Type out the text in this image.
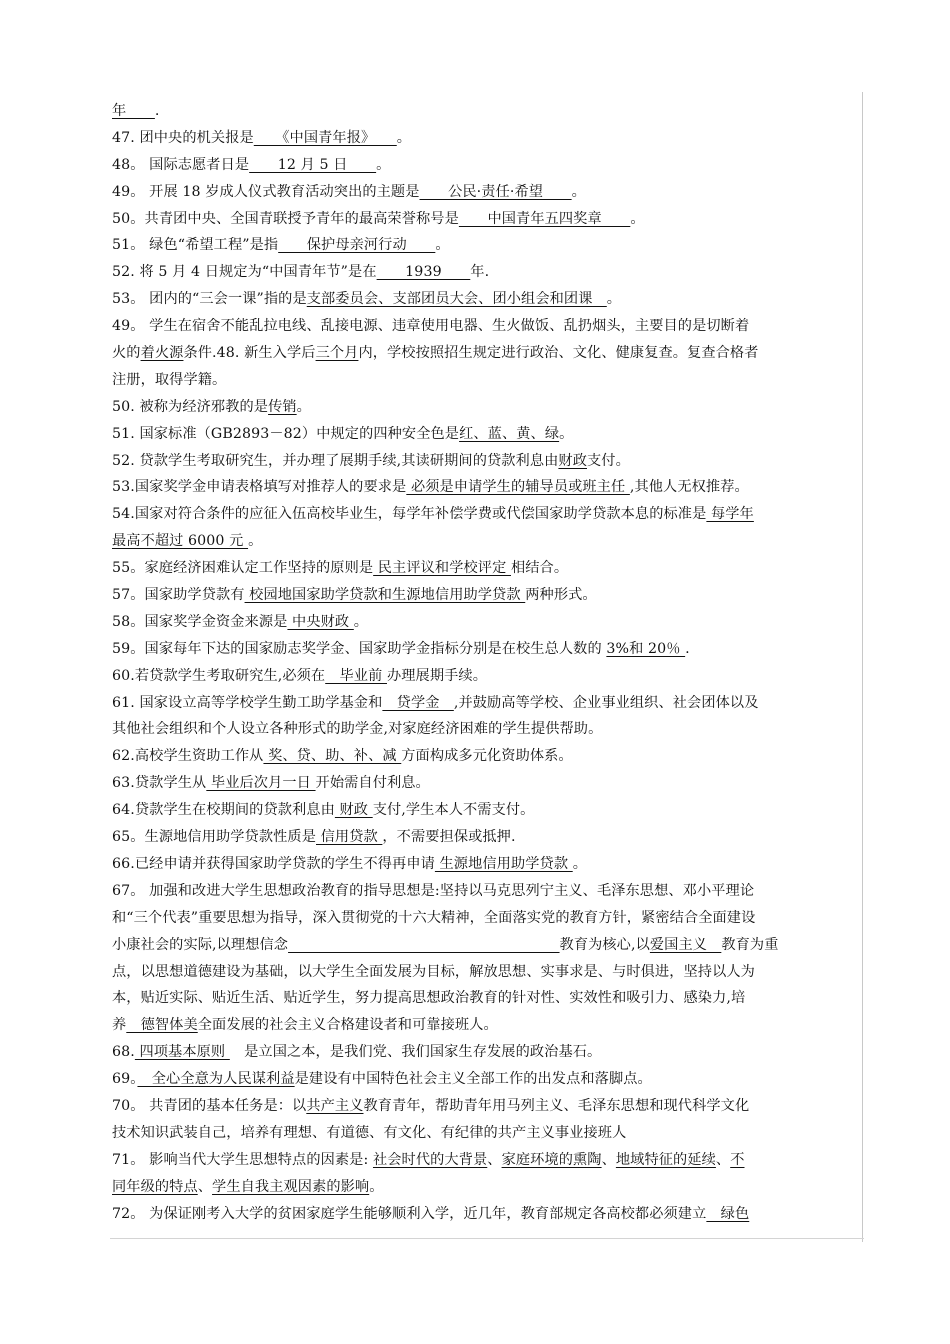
年　　.
47. 团中央的机关报是　　《中国青年报》　　。
48。 国际志愿者日是　　12 月 5 日　　。
49。 开展 18 岁成人仪式教育活动突出的主题是　　公民·责任·希望　　。
50。共青团中央、全国青联授予青年的最高荣誉称号是　　中国青年五四奖章　　。
51。 绿色“希望工程”是指　　保护母亲河行动　　。
52. 将 5 月 4 日规定为“中国青年节”是在　　1939　　年.
53。 团内的“三会一课”指的是支部委员会、支部团员大会、团小组会和团课　。
49。 学生在宿舍不能乱拉电线、乱接电源、违章使用电器、生火做饭、乱扔烟头，主要目的是切断着
火的着火源条件.48. 新生入学后三个月内，学校按照招生规定进行政治、文化、健康复查。复查合格者
注册，取得学籍。
50. 被称为经济邪教的是传销。
51. 国家标准（GB2893－82）中规定的四种安全色是红、蓝、黄、绿。
52. 贷款学生考取研究生，并办理了展期手续,其读研期间的贷款利息由财政支付。
53.国家奖学金申请表格填写对推荐人的要求是 必须是申请学生的辅导员或班主任 ,其他人无权推荐。
54.国家对符合条件的应征入伍高校毕业生，每学年补偿学费或代偿国家助学贷款本息的标准是 每学年
最高不超过 6000 元 。
55。家庭经济困难认定工作坚持的原则是 民主评议和学校评定 相结合。
57。国家助学贷款有 校园地国家助学贷款和生源地信用助学贷款 两种形式。
58。国家奖学金资金来源是 中央财政 。
59。国家每年下达的国家励志奖学金、国家助学金指标分别是在校生总人数的 3%和 20％ .
60.若贷款学生考取研究生,必须在　毕业前 办理展期手续。
61. 国家设立高等学校学生勤工助学基金和　贷学金　,并鼓励高等学校、企业事业组织、社会团体以及
其他社会组织和个人设立各种形式的助学金,对家庭经济困难的学生提供帮助。
62.高校学生资助工作从 奖、贷、助、补、减 方面构成多元化资助体系。
63.贷款学生从 毕业后次月一日 开始需自付利息。
64.贷款学生在校期间的贷款利息由 财政 支付,学生本人不需支付。
65。生源地信用助学贷款性质是 信用贷款 ，不需要担保或抵押.
66.已经申请并获得国家助学贷款的学生不得再申请 生源地信用助学贷款 。
67。 加强和改进大学生思想政治教育的指导思想是:坚持以马克思列宁主义、毛泽东思想、邓小平理论
和“三个代表”重要思想为指导，深入贯彻党的十六大精神，全面落实党的教育方针，紧密结合全面建设
小康社会的实际,以理想信念　　　　　　　　　　　　　　　　　　　	教育为核心,以爱国主义　教育为重
点，以思想道德建设为基础，以大学生全面发展为目标，解放思想、实事求是、与时俱进，坚持以人为
本，贴近实际、贴近生活、贴近学生，努力提高思想政治教育的针对性、实效性和吸引力、感染力,培
养　德智体美全面发展的社会主义合格建设者和可靠接班人。
68. 四项基本原则 　是立国之本，是我们党、我们国家生存发展的政治基石。
69。　全心全意为人民谋利益是建设有中国特色社会主义全部工作的出发点和落脚点。
70。 共青团的基本任务是：以共产主义教育青年，帮助青年用马列主义、毛泽东思想和现代科学文化
技术知识武装自己，培养有理想、有道德、有文化、有纪律的共产主义事业接班人
71。 影响当代大学生思想特点的因素是: 社会时代的大背景、家庭环境的熏陶、地域特征的延续、不
同年级的特点、学生自我主观因素的影响。
72。 为保证刚考入大学的贫困家庭学生能够顺利入学，近几年，教育部规定各高校都必须建立　绿色
